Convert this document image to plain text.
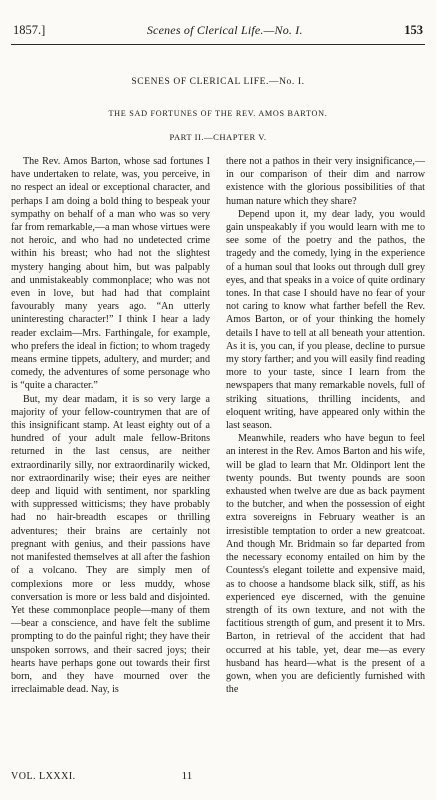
1857.]	Scenes of Clerical Life.—No. I.	153
SCENES OF CLERICAL LIFE.—No. I.
THE SAD FORTUNES OF THE REV. AMOS BARTON.
PART II.—CHAPTER V.

The Rev. Amos Barton, whose sad fortunes I have undertaken to relate, was, you perceive, in no respect an ideal or exceptional character, and perhaps I am doing a bold thing to bespeak your sympathy on behalf of a man who was so very far from remarkable,—a man whose virtues were not heroic, and who had no undetected crime within his breast; who had not the slightest mystery hanging about him, but was palpably and unmistakeably commonplace; who was not even in love, but had had that complaint favourably many years ago. “An utterly uninteresting character!” I think I hear a lady reader exclaim—Mrs. Farthingale, for example, who prefers the ideal in fiction; to whom tragedy means ermine tippets, adultery, and murder; and comedy, the adventures of some personage who is “quite a character.”

But, my dear madam, it is so very large a majority of your fellow-countrymen that are of this insignificant stamp. At least eighty out of a hundred of your adult male fellow-Britons returned in the last census, are neither extraordinarily silly, nor extraordinarily wicked, nor extraordinarily wise; their eyes are neither deep and liquid with sentiment, nor sparkling with suppressed witticisms; they have probably had no hair-breadth escapes or thrilling adventures; their brains are certainly not pregnant with genius, and their passions have not manifested themselves at all after the fashion of a volcano. They are simply men of complexions more or less muddy, whose conversation is more or less bald and disjointed. Yet these commonplace people—many of them—bear a conscience, and have felt the sublime prompting to do the painful right; they have their unspoken sorrows, and their sacred joys; their hearts have perhaps gone out towards their first born, and they have mourned over the irreclaimable dead. Nay, is

there not a pathos in their very insignificance,—in our comparison of their dim and narrow existence with the glorious possibilities of that human nature which they share?

Depend upon it, my dear lady, you would gain unspeakably if you would learn with me to see some of the poetry and the pathos, the tragedy and the comedy, lying in the experience of a human soul that looks out through dull grey eyes, and that speaks in a voice of quite ordinary tones. In that case I should have no fear of your not caring to know what farther befell the Rev. Amos Barton, or of your thinking the homely details I have to tell at all beneath your attention. As it is, you can, if you please, decline to pursue my story farther; and you will easily find reading more to your taste, since I learn from the newspapers that many remarkable novels, full of striking situations, thrilling incidents, and eloquent writing, have appeared only within the last season.

Meanwhile, readers who have begun to feel an interest in the Rev. Amos Barton and his wife, will be glad to learn that Mr. Oldinport lent the twenty pounds. But twenty pounds are soon exhausted when twelve are due as back payment to the butcher, and when the possession of eight extra sovereigns in February weather is an irresistible temptation to order a new greatcoat. And though Mr. Bridmain so far departed from the necessary economy entailed on him by the Countess's elegant toilette and expensive maid, as to choose a handsome black silk, stiff, as his experienced eye discerned, with the genuine strength of its own texture, and not with the factitious strength of gum, and present it to Mrs. Barton, in retrieval of the accident that had occurred at his table, yet, dear me—as every husband has heard—what is the present of a gown, when you are deficiently furnished with the

VOL. LXXXI.	11
